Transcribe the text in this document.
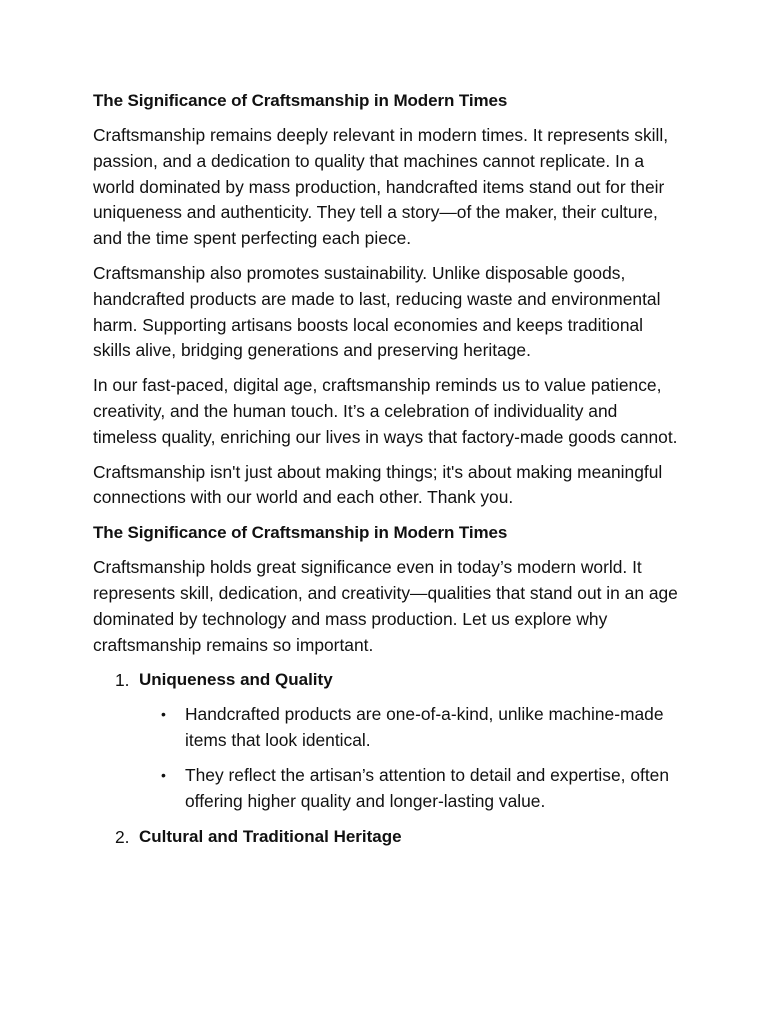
The Significance of Craftsmanship in Modern Times

Craftsmanship remains deeply relevant in modern times. It represents skill, passion, and a dedication to quality that machines cannot replicate. In a world dominated by mass production, handcrafted items stand out for their uniqueness and authenticity. They tell a story—of the maker, their culture, and the time spent perfecting each piece.

Craftsmanship also promotes sustainability. Unlike disposable goods, handcrafted products are made to last, reducing waste and environmental harm. Supporting artisans boosts local economies and keeps traditional skills alive, bridging generations and preserving heritage.

In our fast-paced, digital age, craftsmanship reminds us to value patience, creativity, and the human touch. It’s a celebration of individuality and timeless quality, enriching our lives in ways that factory-made goods cannot.

Craftsmanship isn't just about making things; it's about making meaningful connections with our world and each other. Thank you.

The Significance of Craftsmanship in Modern Times

Craftsmanship holds great significance even in today’s modern world. It represents skill, dedication, and creativity—qualities that stand out in an age dominated by technology and mass production. Let us explore why craftsmanship remains so important.

1. Uniqueness and Quality
• Handcrafted products are one-of-a-kind, unlike machine-made items that look identical.
• They reflect the artisan’s attention to detail and expertise, often offering higher quality and longer-lasting value.
2. Cultural and Traditional Heritage
